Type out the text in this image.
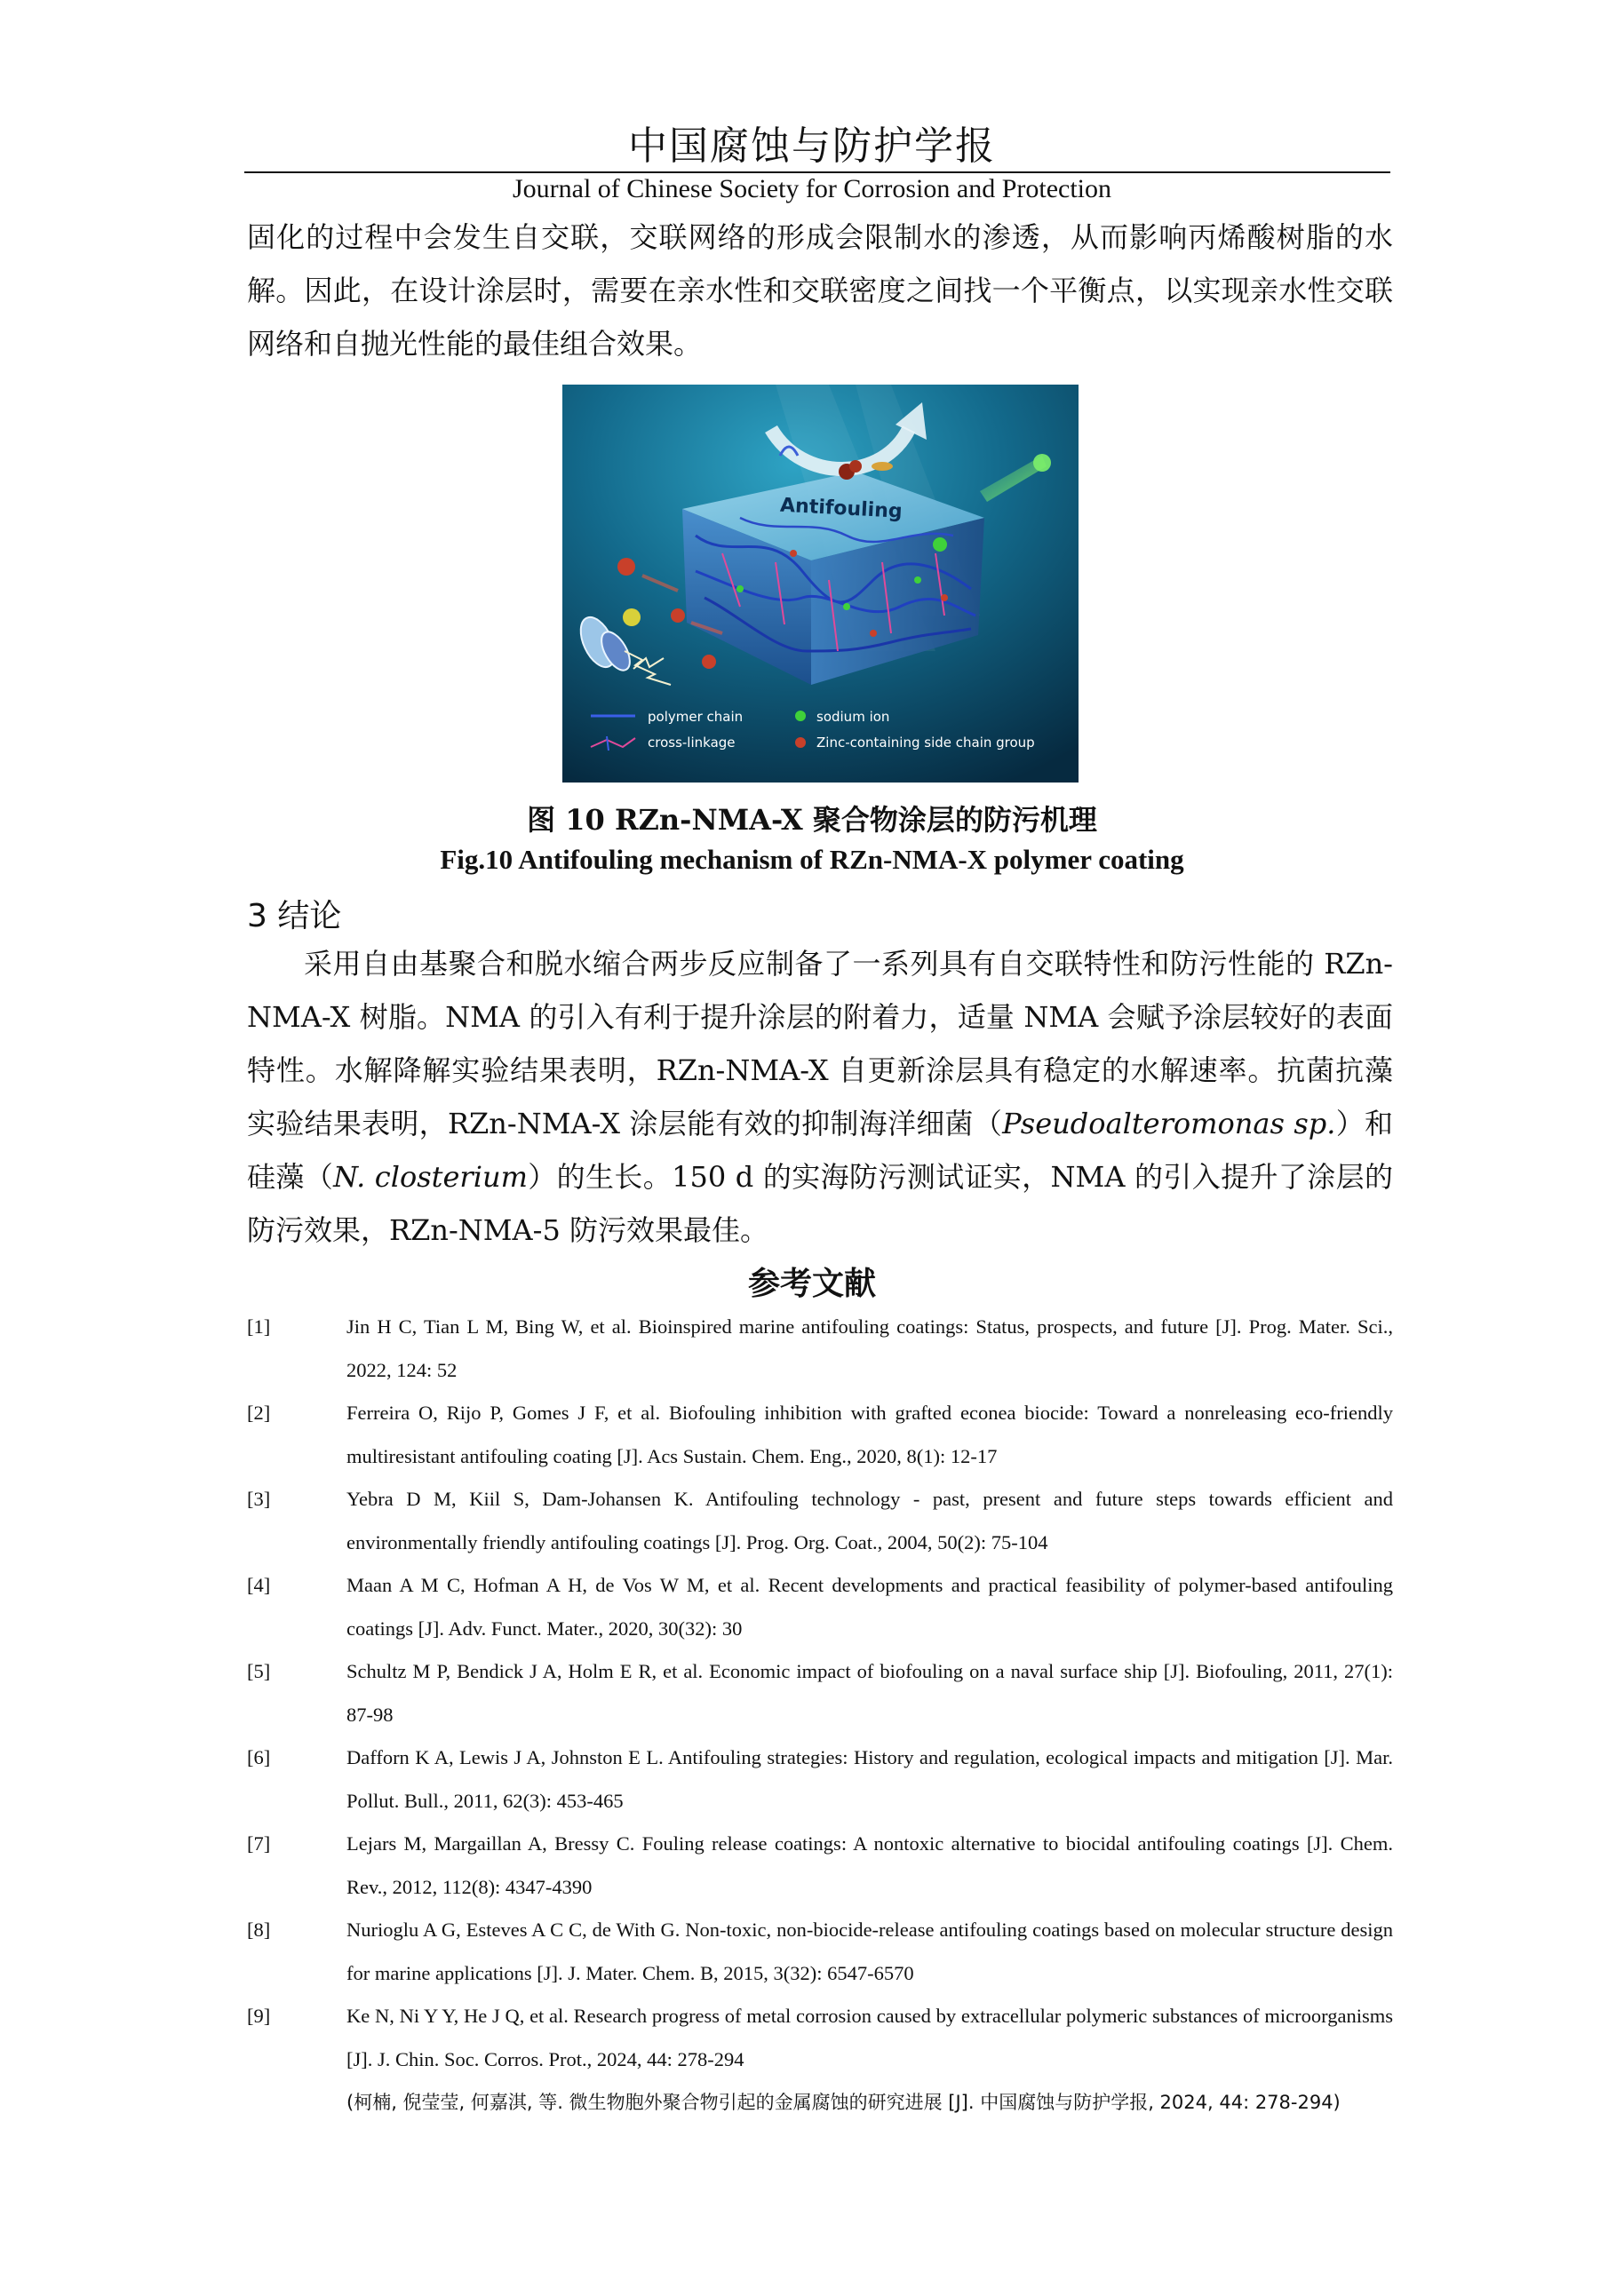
中国腐蚀与防护学报
Journal of Chinese Society for Corrosion and Protection

固化的过程中会发生自交联，交联网络的形成会限制水的渗透，从而影响丙烯酸树脂的水解。因此，在设计涂层时，需要在亲水性和交联密度之间找一个平衡点，以实现亲水性交联网络和自抛光性能的最佳组合效果。

Antifouling
polymer chain
cross-linkage
sodium ion
Zinc-containing side chain group
图 10 RZn-NMA-X 聚合物涂层的防污机理
Fig.10 Antifouling mechanism of RZn-NMA-X polymer coating
3 结论

采用自由基聚合和脱水缩合两步反应制备了一系列具有自交联特性和防污性能的 RZn-NMA-X 树脂。NMA 的引入有利于提升涂层的附着力，适量 NMA 会赋予涂层较好的表面特性。水解降解实验结果表明，RZn-NMA-X 自更新涂层具有稳定的水解速率。抗菌抗藻实验结果表明，RZn-NMA-X 涂层能有效的抑制海洋细菌（Pseudoalteromonas sp.）和硅藻（N. closterium）的生长。150 d 的实海防污测试证实，NMA 的引入提升了涂层的防污效果，RZn-NMA-5 防污效果最佳。

参考文献
[1]	Jin H C, Tian L M, Bing W, et al. Bioinspired marine antifouling coatings: Status, prospects, and future [J]. Prog. Mater. Sci., 2022, 124: 52
[2]	Ferreira O, Rijo P, Gomes J F, et al. Biofouling inhibition with grafted econea biocide: Toward a nonreleasing eco-friendly multiresistant antifouling coating [J]. Acs Sustain. Chem. Eng., 2020, 8(1): 12-17
[3]	Yebra D M, Kiil S, Dam-Johansen K. Antifouling technology - past, present and future steps towards efficient and environmentally friendly antifouling coatings [J]. Prog. Org. Coat., 2004, 50(2): 75-104
[4]	Maan A M C, Hofman A H, de Vos W M, et al. Recent developments and practical feasibility of polymer-based antifouling coatings [J]. Adv. Funct. Mater., 2020, 30(32): 30
[5]	Schultz M P, Bendick J A, Holm E R, et al. Economic impact of biofouling on a naval surface ship [J]. Biofouling, 2011, 27(1): 87-98
[6]	Dafforn K A, Lewis J A, Johnston E L. Antifouling strategies: History and regulation, ecological impacts and mitigation [J]. Mar. Pollut. Bull., 2011, 62(3): 453-465
[7]	Lejars M, Margaillan A, Bressy C. Fouling release coatings: A nontoxic alternative to biocidal antifouling coatings [J]. Chem. Rev., 2012, 112(8): 4347-4390
[8]	Nurioglu A G, Esteves A C C, de With G. Non-toxic, non-biocide-release antifouling coatings based on molecular structure design for marine applications [J]. J. Mater. Chem. B, 2015, 3(32): 6547-6570
[9]	Ke N, Ni Y Y, He J Q, et al. Research progress of metal corrosion caused by extracellular polymeric substances of microorganisms [J]. J. Chin. Soc. Corros. Prot., 2024, 44: 278-294
(柯楠, 倪莹莹, 何嘉淇, 等. 微生物胞外聚合物引起的金属腐蚀的研究进展 [J]. 中国腐蚀与防护学报, 2024, 44: 278-294)
